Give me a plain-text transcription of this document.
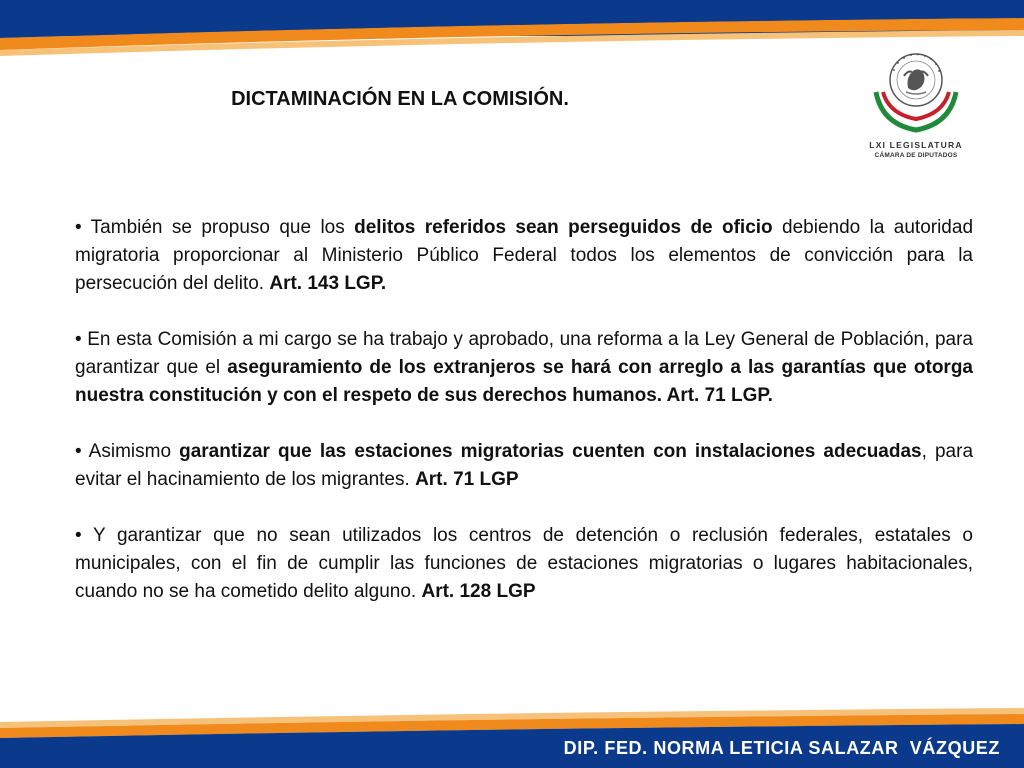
DIP. FED. NORMA LETICIA SALAZAR  VÁZQUEZ
DICTAMINACIÓN EN LA COMISIÓN.
LXI LEGISLATURA
CÁMARA DE DIPUTADOS

• También se propuso que los delitos referidos sean perseguidos de oficio debiendo la autoridad migratoria proporcionar al Ministerio Público Federal todos los elementos de convicción para la persecución del delito. Art. 143 LGP.

• En esta Comisión a mi cargo se ha trabajo y aprobado, una reforma a la Ley General de Población, para garantizar que el aseguramiento de los extranjeros se hará con arreglo a las garantías que otorga nuestra constitución y con el respeto de sus derechos humanos. Art. 71 LGP.

• Asimismo garantizar que las estaciones migratorias cuenten con instalaciones adecuadas, para evitar el hacinamiento de los migrantes. Art. 71 LGP

• Y garantizar que no sean utilizados los centros de detención o reclusión federales, estatales o municipales, con el fin de cumplir las funciones de estaciones migratorias o lugares habitacionales, cuando no se ha cometido delito alguno. Art. 128 LGP
